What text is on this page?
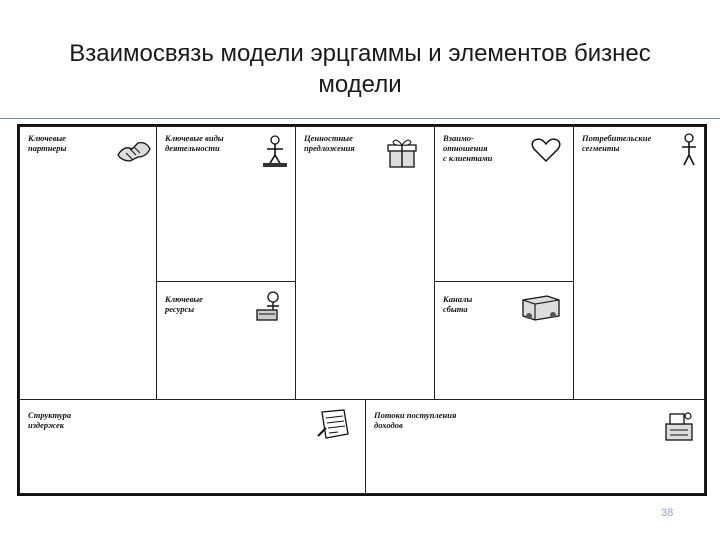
Взаимосвязь модели эрцгаммы и элементов бизнес модели
Ключевые
партнеры
Ключевые виды
деятельности
Ключевые
ресурсы
Ценностные
предложения
Взаимо-
отношения
с клиентами
Каналы
сбыта
Потребительские
сегменты
Структура
издержек
Потоки поступления
доходов
38
